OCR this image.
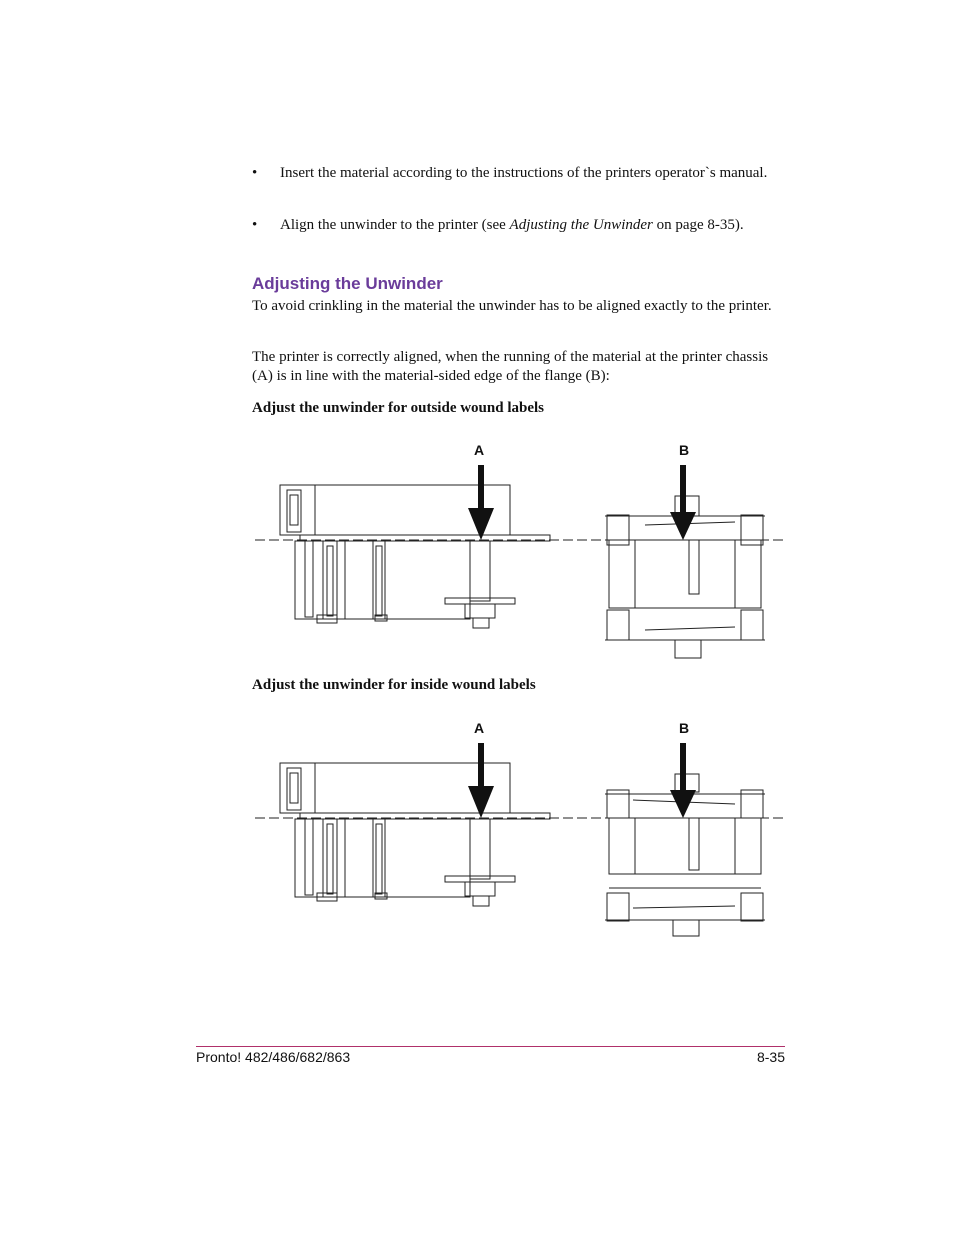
• Insert the material according to the instructions of the printers operator`s manual.
• Align the unwinder to the printer (see Adjusting the Unwinder on page 8-35).
Adjusting the Unwinder
To avoid crinkling in the material the unwinder has to be aligned exactly to the printer.
The printer is correctly aligned, when the running of the material at the printer chassis (A) is in line with the material-sided edge of the flange (B):
Adjust the unwinder for outside wound labels
A	B
Adjust the unwinder for inside wound labels
A	B
Pronto! 482/486/682/863	8-35
